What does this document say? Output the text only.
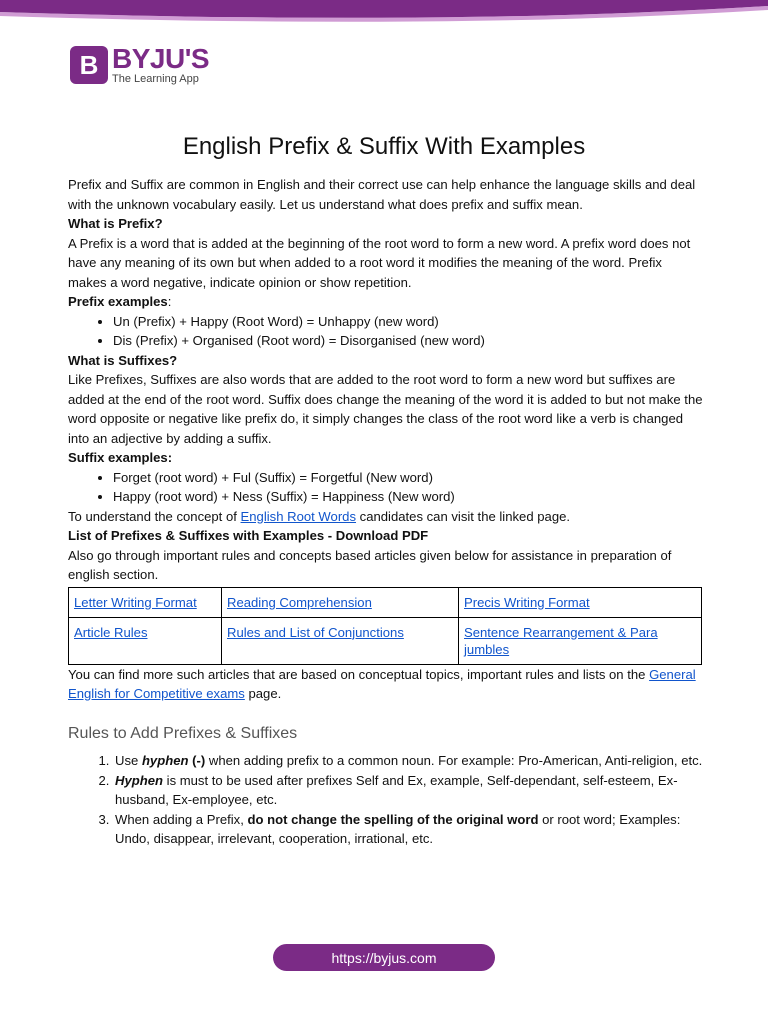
B BYJU'S
The Learning App
English Prefix & Suffix With Examples

Prefix and Suffix are common in English and their correct use can help enhance the language skills and deal with the unknown vocabulary easily. Let us understand what does prefix and suffix mean.

What is Prefix?

A Prefix is a word that is added at the beginning of the root word to form a new word. A prefix word does not have any meaning of its own but when added to a root word it modifies the meaning of the word. Prefix makes a word negative, indicate opinion or show repetition.

Prefix examples:

• Un (Prefix) + Happy (Root Word) = Unhappy (new word)
• Dis (Prefix) + Organised (Root word) = Disorganised (new word)

What is Suffixes?

Like Prefixes, Suffixes are also words that are added to the root word to form a new word but suffixes are added at the end of the root word. Suffix does change the meaning of the word it is added to but not make the word opposite or negative like prefix do, it simply changes the class of the root word like a verb is changed into an adjective by adding a suffix.

Suffix examples:

• Forget (root word) + Ful (Suffix) = Forgetful (New word)
• Happy (root word) + Ness (Suffix) = Happiness (New word)

To understand the concept of English Root Words candidates can visit the linked page.

List of Prefixes & Suffixes with Examples - Download PDF

Also go through important rules and concepts based articles given below for assistance in preparation of english section.

Letter Writing Format	Reading Comprehension	Precis Writing Format
Article Rules	Rules and List of Conjunctions	Sentence Rearrangement & Para jumbles

You can find more such articles that are based on conceptual topics, important rules and lists on the General English for Competitive exams page.

Rules to Add Prefixes & Suffixes
1. Use hyphen (-) when adding prefix to a common noun. For example: Pro-American, Anti-religion, etc.
2. Hyphen is must to be used after prefixes Self and Ex, example, Self-dependant, self-esteem, Ex-husband, Ex-employee, etc.
3. When adding a Prefix, do not change the spelling of the original word or root word; Examples: Undo, disappear, irrelevant, cooperation, irrational, etc.
https://byjus.com
